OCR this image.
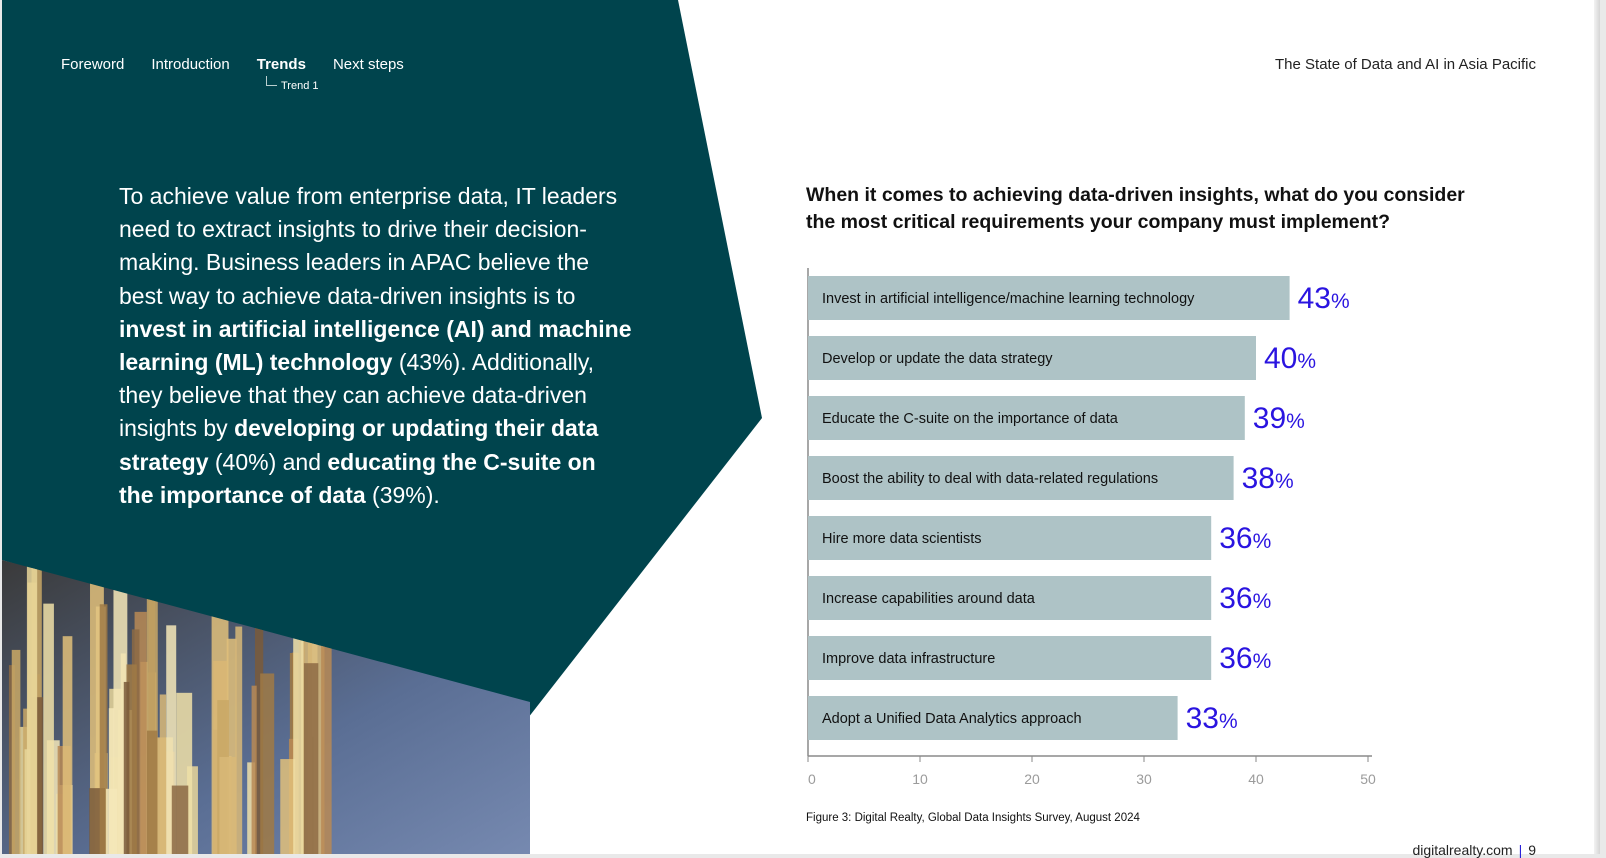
Foreword Introduction Trends Next steps
Trend 1
The State of Data and AI in Asia Pacific
To achieve value from enterprise data, IT leaders need to extract insights to drive their decision-making. Business leaders in APAC believe the best way to achieve data-driven insights is to invest in artificial intelligence (AI) and machine learning (ML) technology (43%). Additionally, they believe that they can achieve data-driven insights by developing or updating their data strategy (40%) and educating the C-suite on the importance of data (39%).
When it comes to achieving data-driven insights, what do you consider the most critical requirements your company must implement?
Invest in artificial intelligence/machine learning technology	43%
Develop or update the data strategy	40%
Educate the C-suite on the importance of data	39%
Boost the ability to deal with data-related regulations	38%
Hire more data scientists	36%
Increase capabilities around data	36%
Improve data infrastructure	36%
Adopt a Unified Data Analytics approach	33%
0	10	20	30	40	50
Figure 3: Digital Realty, Global Data Insights Survey, August 2024
digitalrealty.com | 9
